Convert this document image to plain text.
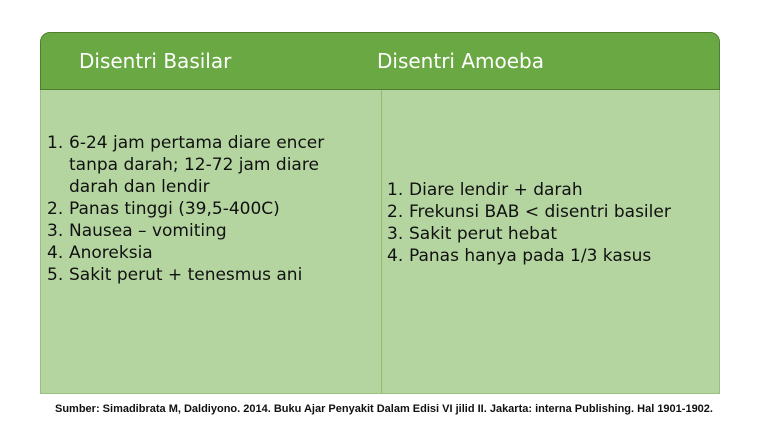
Disentri Basilar	Disentri Amoeba
1. 6-24 jam pertama diare encer tanpa darah; 12-72 jam diare darah dan lendir
2. Panas tinggi (39,5-400C)
3. Nausea – vomiting
4. Anoreksia
5. Sakit perut + tenesmus ani
1. Diare lendir + darah
2. Frekunsi BAB < disentri basiler
3. Sakit perut hebat
4. Panas hanya pada 1/3 kasus
Sumber: Simadibrata M, Daldiyono. 2014. Buku Ajar Penyakit Dalam Edisi VI jilid II. Jakarta: interna Publishing. Hal 1901-1902.
